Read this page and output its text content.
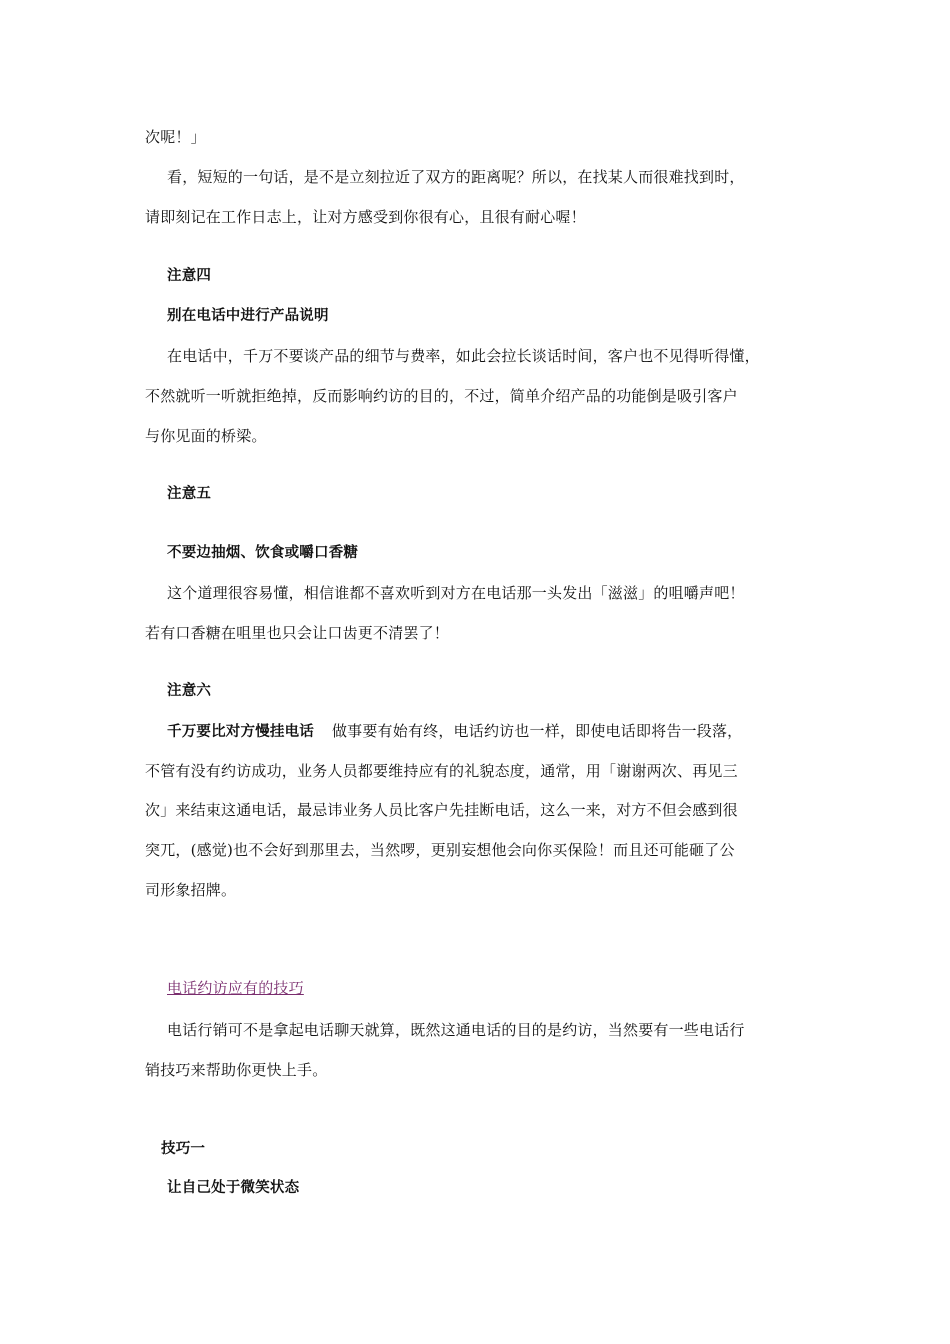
次呢！」
看，短短的一句话，是不是立刻拉近了双方的距离呢？所以，在找某人而很难找到时，
请即刻记在工作日志上，让对方感受到你很有心，且很有耐心喔！
注意四
别在电话中进行产品说明
在电话中，千万不要谈产品的细节与费率，如此会拉长谈话时间，客户也不见得听得懂，
不然就听一听就拒绝掉，反而影响约访的目的，不过，简单介绍产品的功能倒是吸引客户
与你见面的桥梁。
注意五
不要边抽烟、饮食或嚼口香糖
这个道理很容易懂，相信谁都不喜欢听到对方在电话那一头发出「滋滋」的咀嚼声吧！
若有口香糖在咀里也只会让口齿更不清罢了！
注意六
千万要比对方慢挂电话 做事要有始有终，电话约访也一样，即使电话即将告一段落，
不管有没有约访成功，业务人员都要维持应有的礼貌态度，通常，用「谢谢两次、再见三
次」来结束这通电话，最忌讳业务人员比客户先挂断电话，这么一来，对方不但会感到很
突兀，(感觉)也不会好到那里去，当然啰，更别妄想他会向你买保险！而且还可能砸了公
司形象招牌。
电话约访应有的技巧
电话行销可不是拿起电话聊天就算，既然这通电话的目的是约访，当然要有一些电话行
销技巧来帮助你更快上手。
技巧一
让自己处于微笑状态
